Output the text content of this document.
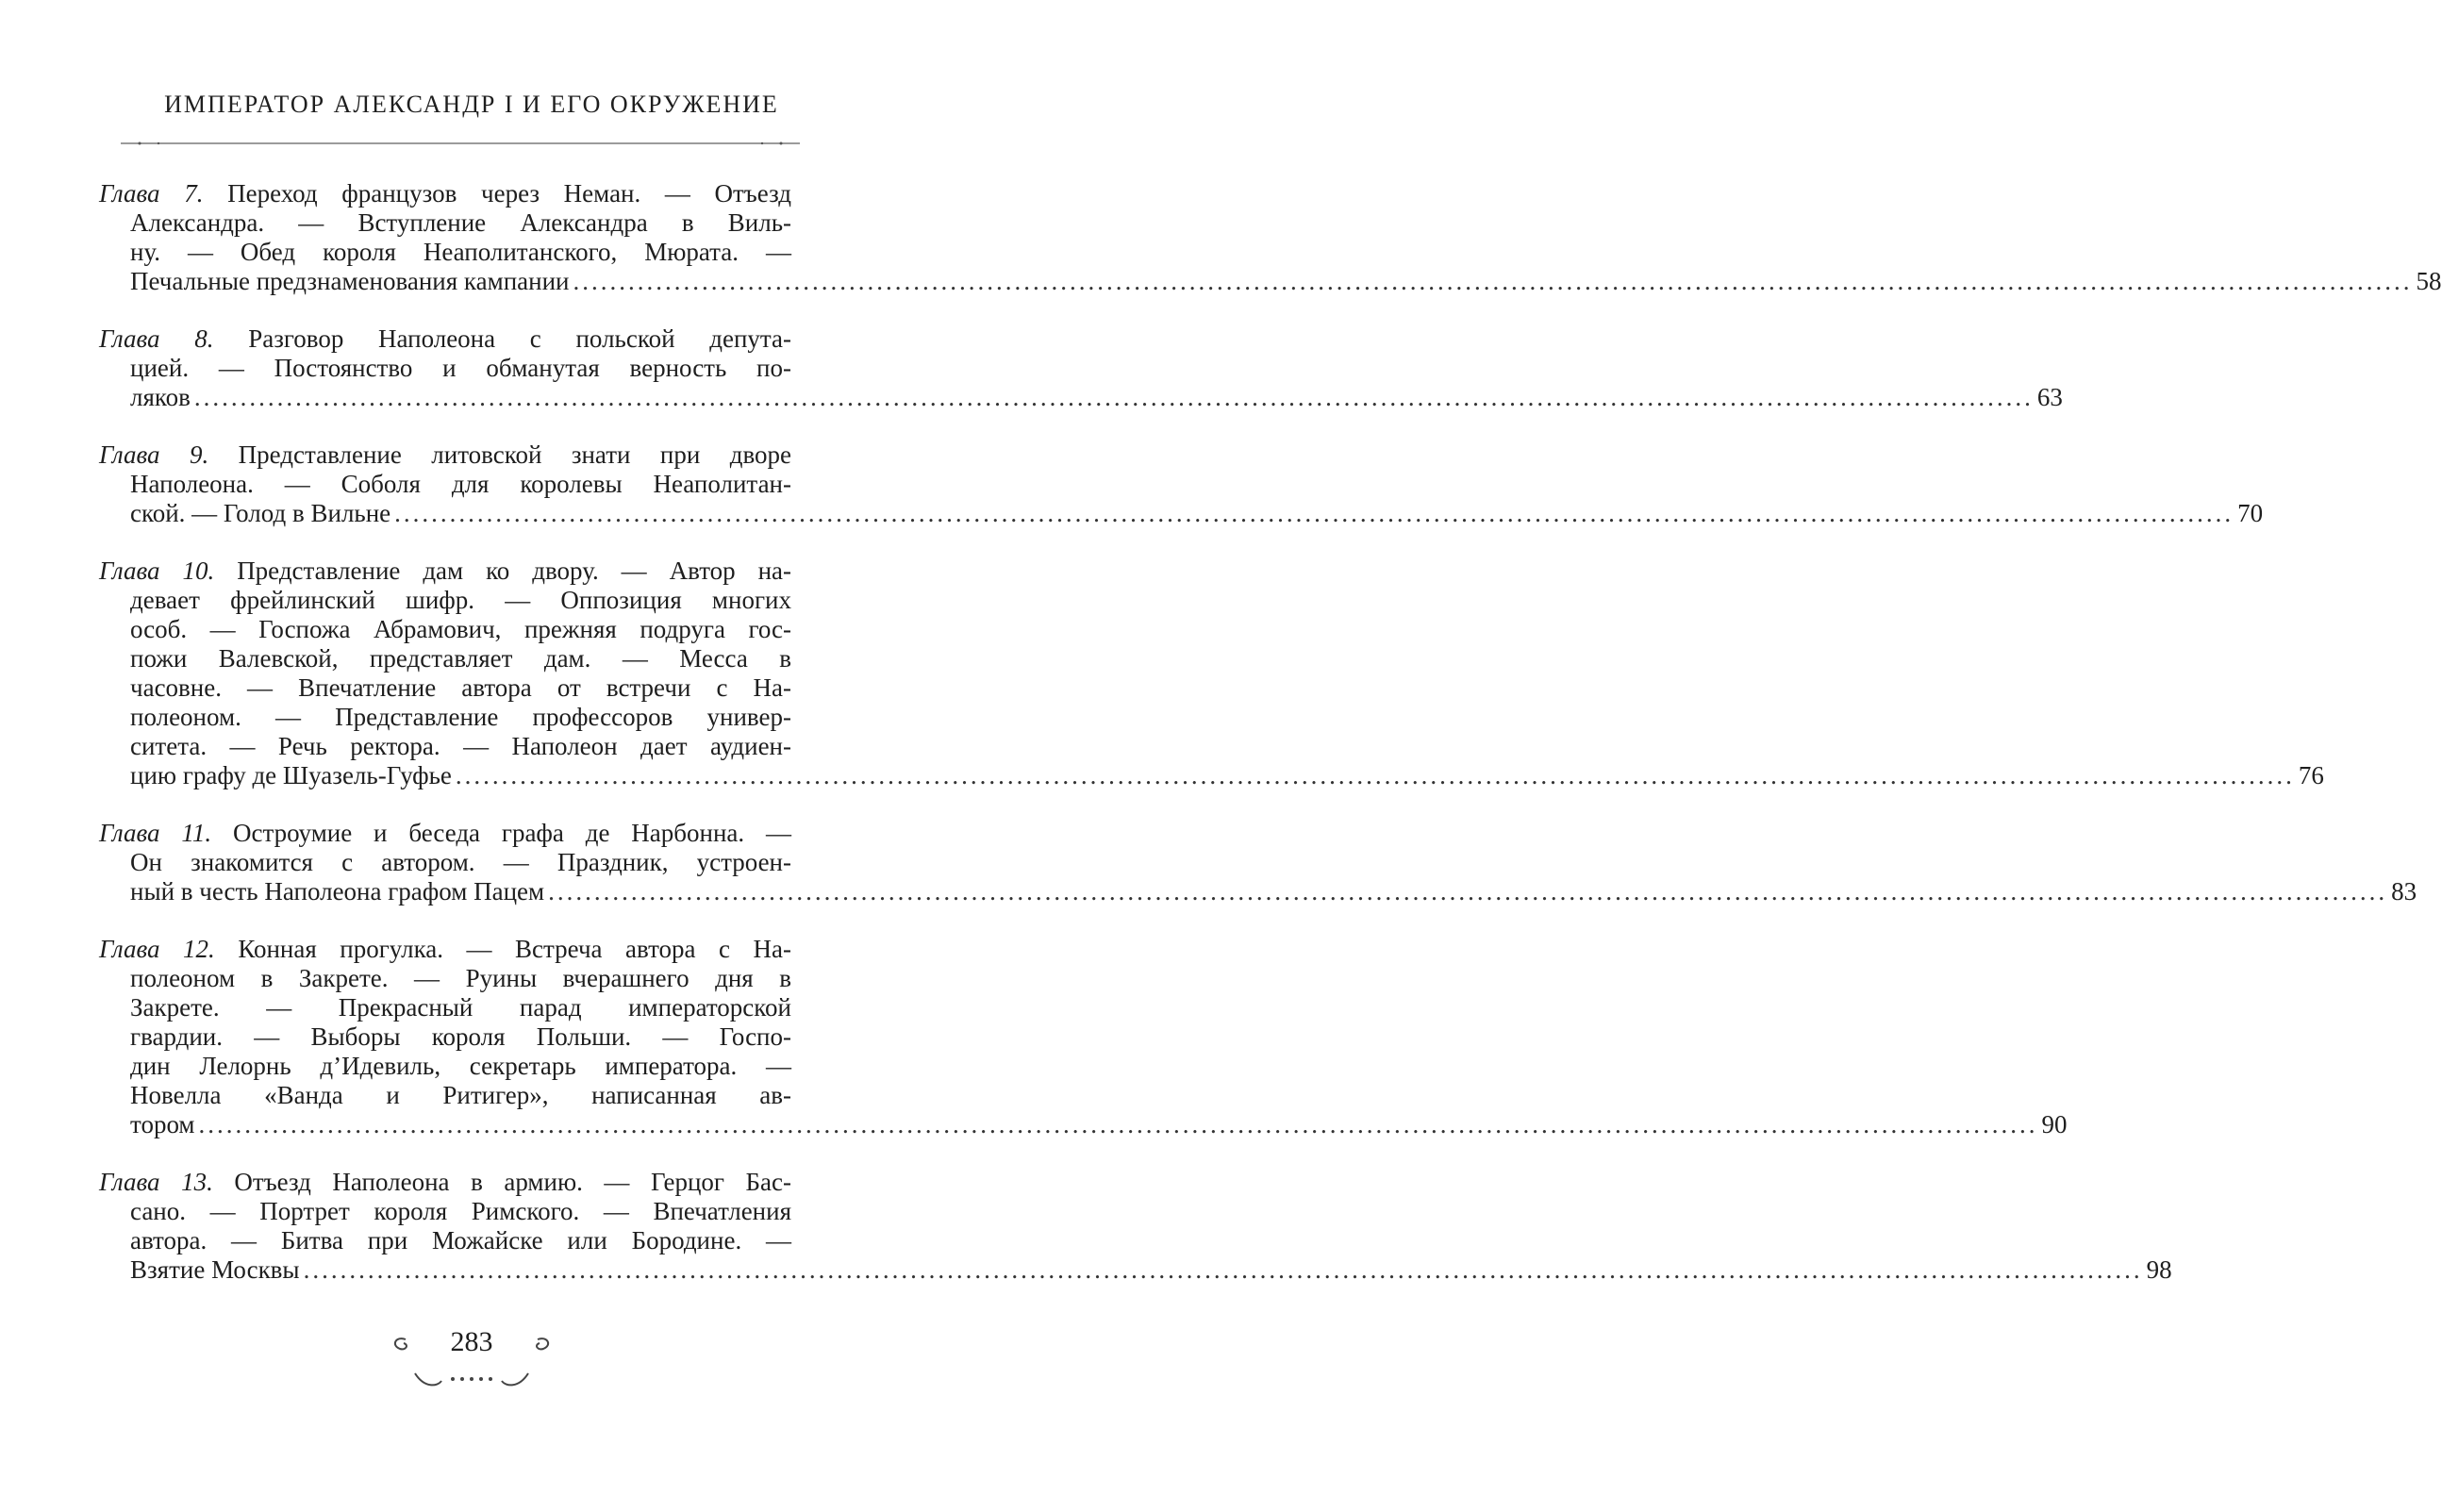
ИМПЕРАТОР АЛЕКСАНДР I И ЕГО ОКРУЖЕНИЕ
Глава 7. Переход французов через Неман. — Отъезд
Александра. — Вступление Александра в Виль-
ну. — Обед короля Неаполитанского, Мюрата. —
Печальные предзнаменования кампании ........................................................................................................................................................................................................ 58
Глава 8. Разговор Наполеона с польской депута-
цией. — Постоянство и обманутая верность по-
ляков ........................................................................................................................................................................................................ 63
Глава 9. Представление литовской знати при дворе
Наполеона. — Соболя для королевы Неаполитан-
ской. — Голод в Вильне ........................................................................................................................................................................................................ 70
Глава 10. Представление дам ко двору. — Автор на-
девает фрейлинский шифр. — Оппозиция многих
особ. — Госпожа Абрамович, прежняя подруга гос-
пожи Валевской, представляет дам. — Месса в
часовне. — Впечатление автора от встречи с На-
полеоном. — Представление профессоров универ-
ситета. — Речь ректора. — Наполеон дает аудиен-
цию графу де Шуазель-Гуфье ........................................................................................................................................................................................................ 76
Глава 11. Остроумие и беседа графа де Нарбонна. —
Он знакомится с автором. — Праздник, устроен-
ный в честь Наполеона графом Пацем ........................................................................................................................................................................................................ 83
Глава 12. Конная прогулка. — Встреча автора с На-
полеоном в Закрете. — Руины вчерашнего дня в
Закрете. — Прекрасный парад императорской
гвардии. — Выборы короля Польши. — Госпо-
дин Лелорнь д’Идевиль, секретарь императора. —
Новелла «Ванда и Ритигер», написанная ав-
тором ........................................................................................................................................................................................................ 90
Глава 13. Отъезд Наполеона в армию. — Герцог Бас-
сано. — Портрет короля Римского. — Впечатления
автора. — Битва при Можайске или Бородине. —
Взятие Москвы ........................................................................................................................................................................................................ 98
283
